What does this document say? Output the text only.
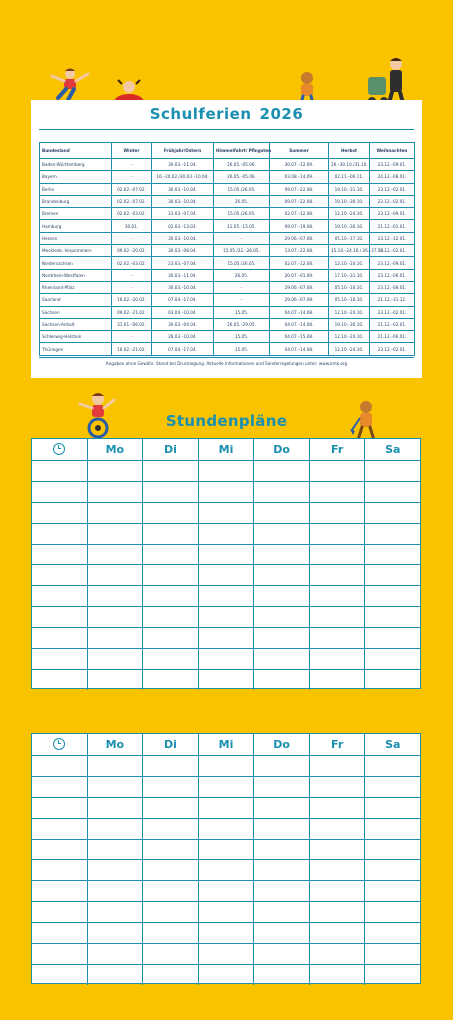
Schulferien 2026
Bundesland	Winter	Frühjahr/Ostern	Himmelfahrt/ Pfingsten	Sommer	Herbst	Weihnachten
Baden-Württemberg	–	30.03.–11.04.	26.05.–05.06.	30.07.–12.09.	26.–30.10./31.10.	23.12.–09.01.
Bayern	–	16.–20.02./30.03.–10.04.	26.05.–05.06.	03.08.–14.09.	02.11.–06.11.	24.12.–08.01.
Berlin	02.02.–07.02.	30.03.–10.04.	15.05./26.05.	09.07.–22.08.	19.10.–31.10.	23.12.–02.01.
Brandenburg	02.02.–07.02.	30.03.–10.04.	26.05.	09.07.–22.08.	19.10.–30.10.	23.12.–02.01.
Bremen	02.02.–03.02.	23.03.–07.04.	15.05./26.05.	02.07.–12.08.	12.10.–24.10.	23.12.–09.01.
Hamburg	30.01.	02.03.–13.03.	11.05.–15.05.	09.07.–19.08.	19.10.–30.10.	21.12.–01.01.
Hessen	–	30.03.–10.04.	–	29.06.–07.08.	05.10.–17.10.	23.12.–12.01.
Mecklenb.-Vorpommern	09.02.–20.02.	30.03.–08.04.	15.05./22.–26.05.	13.07.–22.08.	15.10.–24.10./ 26.–27.11.	19.12.–02.01.
Niedersachsen	02.02.–03.02.	23.03.–07.04.	15.05./26.05.	02.07.–12.08.	12.10.–24.10.	23.12.–09.01.
Nordrhein-Westfalen	–	30.03.–11.04.	26.05.	20.07.–01.09.	17.10.–31.10.	23.12.–06.01.
Rheinland-Pfalz	–	30.03.–10.04.	–	29.06.–07.08.	05.10.–16.10.	23.12.–08.01.
Saarland	16.02.–20.02.	07.04.–17.04.	–	29.06.–07.08.	05.10.–16.10.	21.12.–31.12.
Sachsen	09.02.–21.02.	03.04.–10.04.	15.05.	04.07.–14.08.	12.10.–24.10.	23.12.–02.01.
Sachsen-Anhalt	31.01.–06.02.	30.03.–04.04.	26.05.–29.05.	04.07.–14.08.	19.10.–30.10.	21.12.–02.01.
Schleswig-Holstein	–	26.03.–10.04.	15.05.	04.07.–15.08.	12.10.–24.10.	21.12.–06.01.
Thüringen	16.02.–21.02.	07.04.–17.04.	15.05.	04.07.–14.08.	12.10.–24.10.	23.12.–02.01.
Angaben ohne Gewähr. Stand bei Drucklegung. Aktuelle Informationen und Sonderregelungen unter: www.kmk.org
Stundenpläne
Mo	Di	Mi	Do	Fr	Sa
Mo	Di	Mi	Do	Fr	Sa
